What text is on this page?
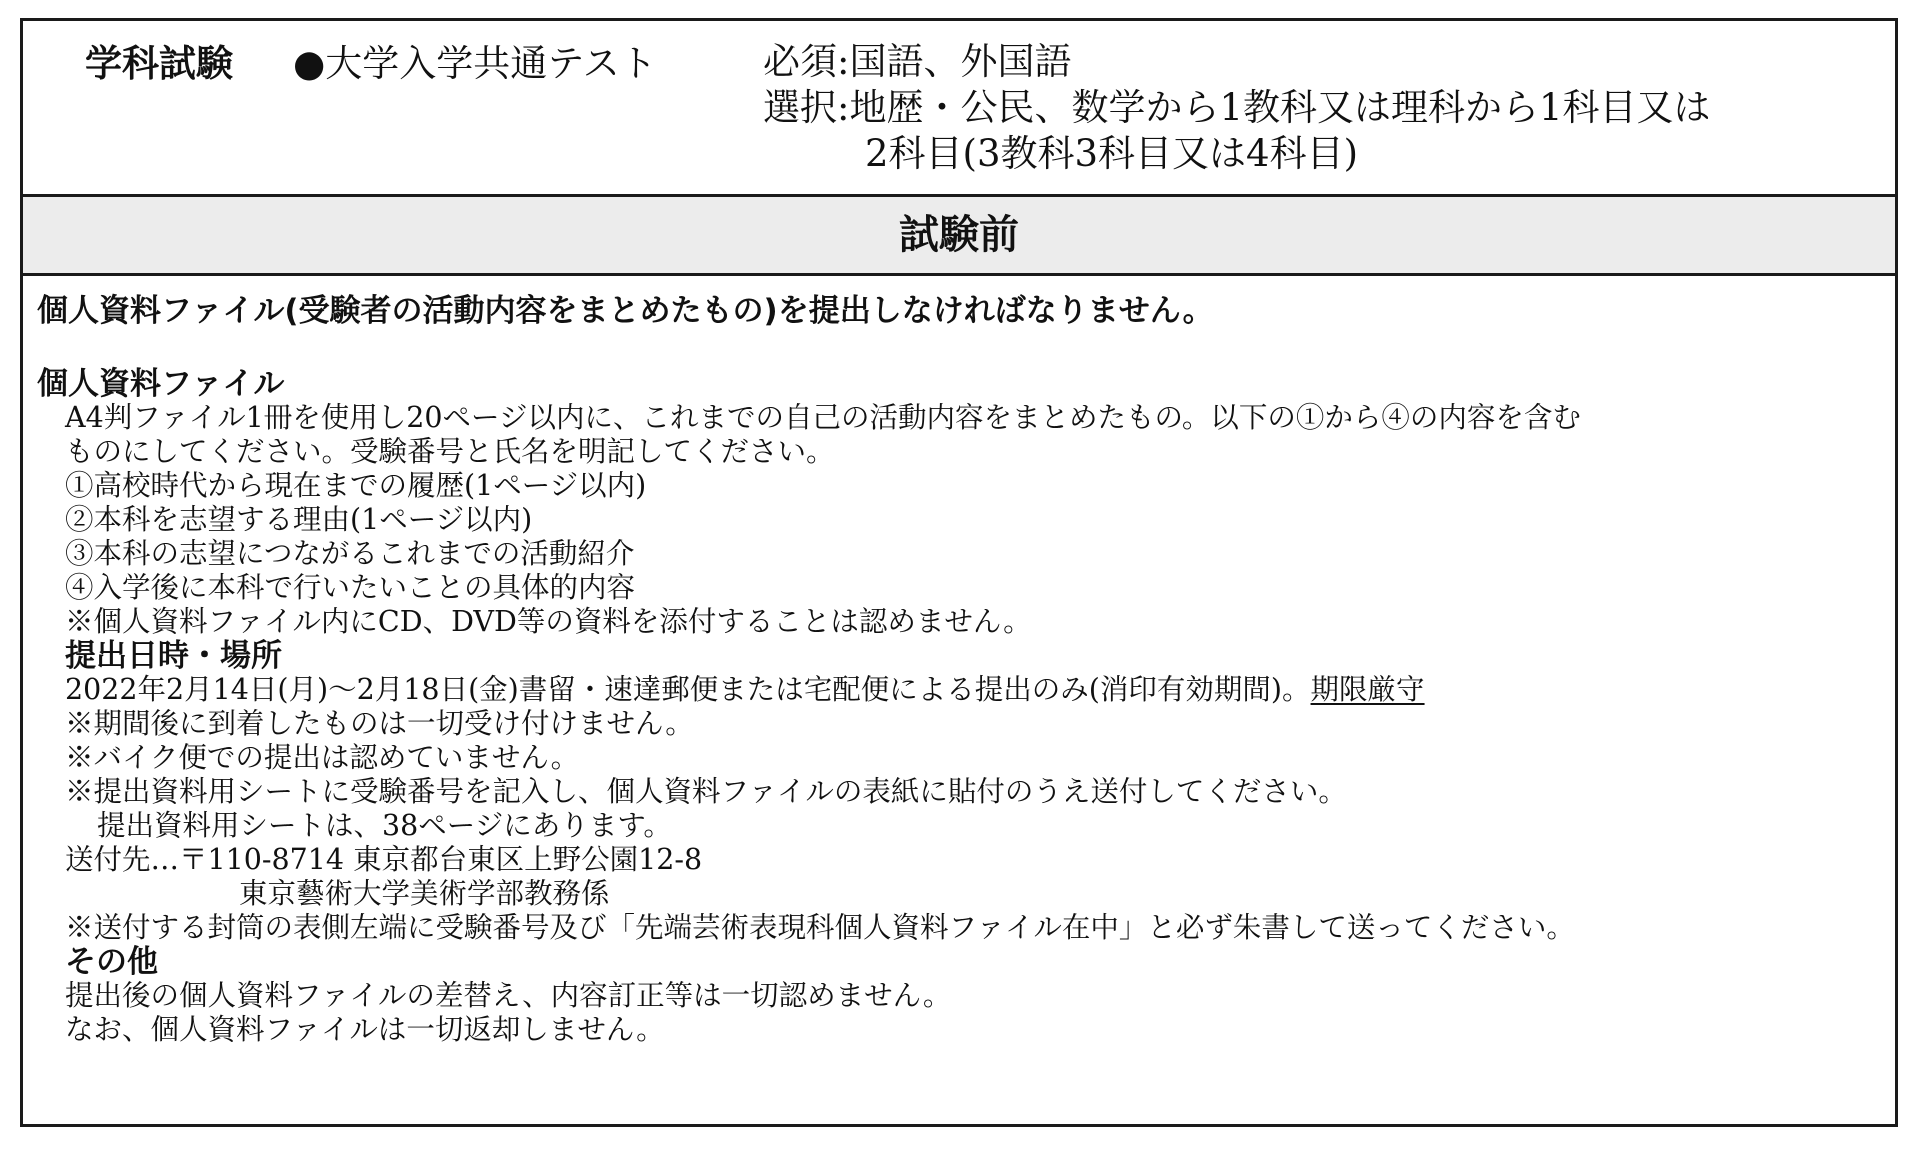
学科試験 ●大学入学共通テスト	必須:国語、外国語
選択:地歴・公民、数学から1教科又は理科から1科目又は
2科目(3教科3科目又は4科目)
試験前
個人資料ファイル(受験者の活動内容をまとめたもの)を提出しなければなりません。
個人資料ファイル
A4判ファイル1冊を使用し20ページ以内に、これまでの自己の活動内容をまとめたもの。以下の①から④の内容を含む
ものにしてください。受験番号と氏名を明記してください。
①高校時代から現在までの履歴(1ページ以内)
②本科を志望する理由(1ページ以内)
③本科の志望につながるこれまでの活動紹介
④入学後に本科で行いたいことの具体的内容
※個人資料ファイル内にCD、DVD等の資料を添付することは認めません。
提出日時・場所
2022年2月14日(月)〜2月18日(金)書留・速達郵便または宅配便による提出のみ(消印有効期間)。期限厳守
※期間後に到着したものは一切受け付けません。
※バイク便での提出は認めていません。
※提出資料用シートに受験番号を記入し、個人資料ファイルの表紙に貼付のうえ送付してください。
提出資料用シートは、38ページにあります。
送付先…〒110-8714 東京都台東区上野公園12-8
東京藝術大学美術学部教務係
※送付する封筒の表側左端に受験番号及び「先端芸術表現科個人資料ファイル在中」と必ず朱書して送ってください。
その他
提出後の個人資料ファイルの差替え、内容訂正等は一切認めません。
なお、個人資料ファイルは一切返却しません。
